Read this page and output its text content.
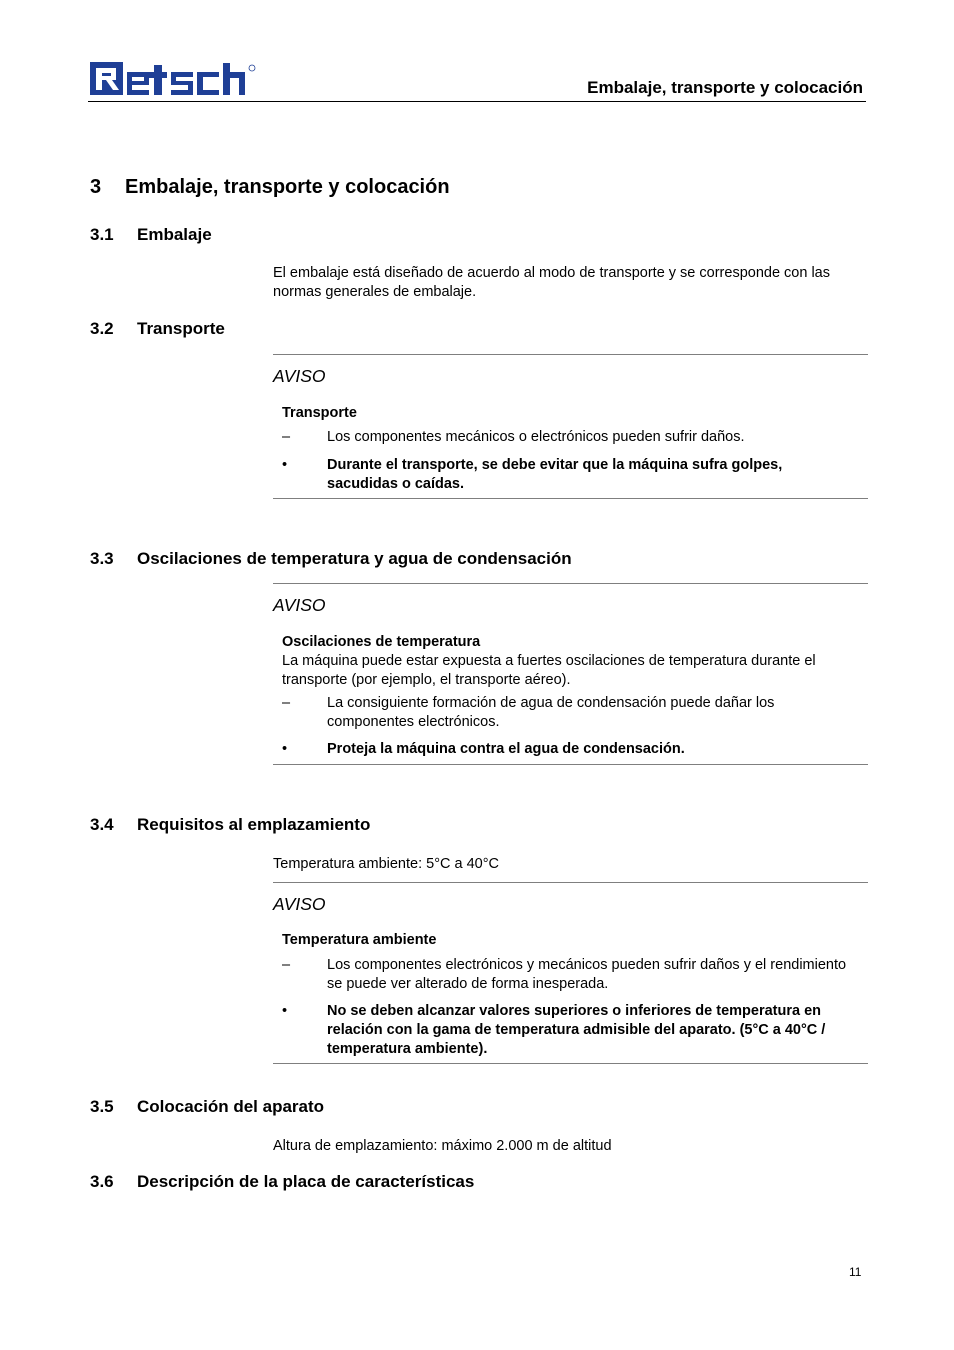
Embalaje, transporte y colocación
3 Embalaje, transporte y colocación
3.1 Embalaje
El embalaje está diseñado de acuerdo al modo de transporte y se corresponde con las normas generales de embalaje.
3.2 Transporte
AVISO
Transporte
–	Los componentes mecánicos o electrónicos pueden sufrir daños.
•	Durante el transporte, se debe evitar que la máquina sufra golpes, sacudidas o caídas.
3.3 Oscilaciones de temperatura y agua de condensación
AVISO
Oscilaciones de temperatura
La máquina puede estar expuesta a fuertes oscilaciones de temperatura durante el transporte (por ejemplo, el transporte aéreo).
–	La consiguiente formación de agua de condensación puede dañar los componentes electrónicos.
•	Proteja la máquina contra el agua de condensación.
3.4 Requisitos al emplazamiento
Temperatura ambiente: 5°C a 40°C
AVISO
Temperatura ambiente
–	Los componentes electrónicos y mecánicos pueden sufrir daños y el rendimiento se puede ver alterado de forma inesperada.
•	No se deben alcanzar valores superiores o inferiores de temperatura en relación con la gama de temperatura admisible del aparato. (5°C a 40°C / temperatura ambiente).
3.5 Colocación del aparato
Altura de emplazamiento: máximo 2.000 m de altitud
3.6 Descripción de la placa de características
11
